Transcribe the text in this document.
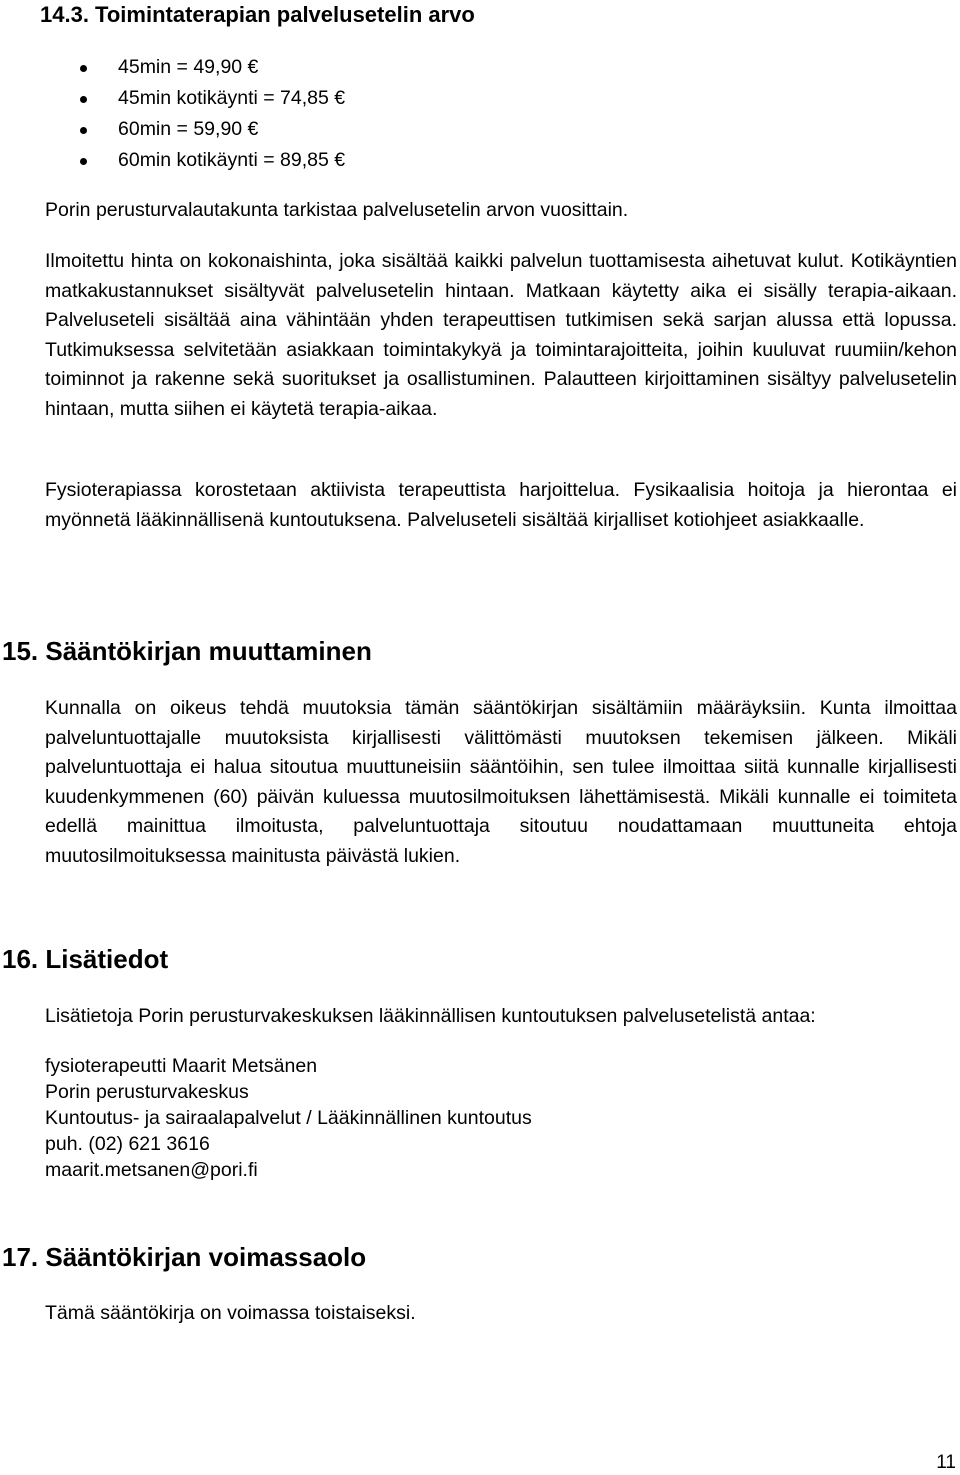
14.3. Toimintaterapian palvelusetelin arvo
45min = 49,90 €
45min kotikäynti = 74,85 €
60min = 59,90 €
60min kotikäynti = 89,85 €
Porin perusturvalautakunta tarkistaa palvelusetelin arvon vuosittain.
Ilmoitettu hinta on kokonaishinta, joka sisältää kaikki palvelun tuottamisesta aihetuvat kulut. Kotikäyntien matkakustannukset sisältyvät palvelusetelin hintaan. Matkaan käytetty aika ei sisälly terapia-aikaan. Palveluseteli sisältää aina vähintään yhden terapeuttisen tutkimisen sekä sarjan alussa että lopussa. Tutkimuksessa selvitetään asiakkaan toimintakykyä ja toimintarajoitteita, joihin kuuluvat ruumiin/kehon toiminnot ja rakenne sekä suoritukset ja osallistuminen. Palautteen kirjoittaminen sisältyy palvelusetelin hintaan, mutta siihen ei käytetä terapia-aikaa.
Fysioterapiassa korostetaan aktiivista terapeuttista harjoittelua. Fysikaalisia hoitoja ja hierontaa ei myönnetä lääkinnällisenä kuntoutuksena. Palveluseteli sisältää kirjalliset kotiohjeet asiakkaalle.
15. Sääntökirjan muuttaminen
Kunnalla on oikeus tehdä muutoksia tämän sääntökirjan sisältämiin määräyksiin. Kunta ilmoittaa palveluntuottajalle muutoksista kirjallisesti välittömästi muutoksen tekemisen jälkeen. Mikäli palveluntuottaja ei halua sitoutua muuttuneisiin sääntöihin, sen tulee ilmoittaa siitä kunnalle kirjallisesti kuudenkymmenen (60) päivän kuluessa muutosilmoituksen lähettämisestä. Mikäli kunnalle ei toimiteta edellä mainittua ilmoitusta, palveluntuottaja sitoutuu noudattamaan muuttuneita ehtoja muutosilmoituksessa mainitusta päivästä lukien.
16. Lisätiedot
Lisätietoja Porin perusturvakeskuksen lääkinnällisen kuntoutuksen palvelusetelistä antaa:
fysioterapeutti Maarit Metsänen
Porin perusturvakeskus
Kuntoutus- ja sairaalapalvelut / Lääkinnällinen kuntoutus
puh. (02) 621 3616
maarit.metsanen@pori.fi
17. Sääntökirjan voimassaolo
Tämä sääntökirja on voimassa toistaiseksi.
11
